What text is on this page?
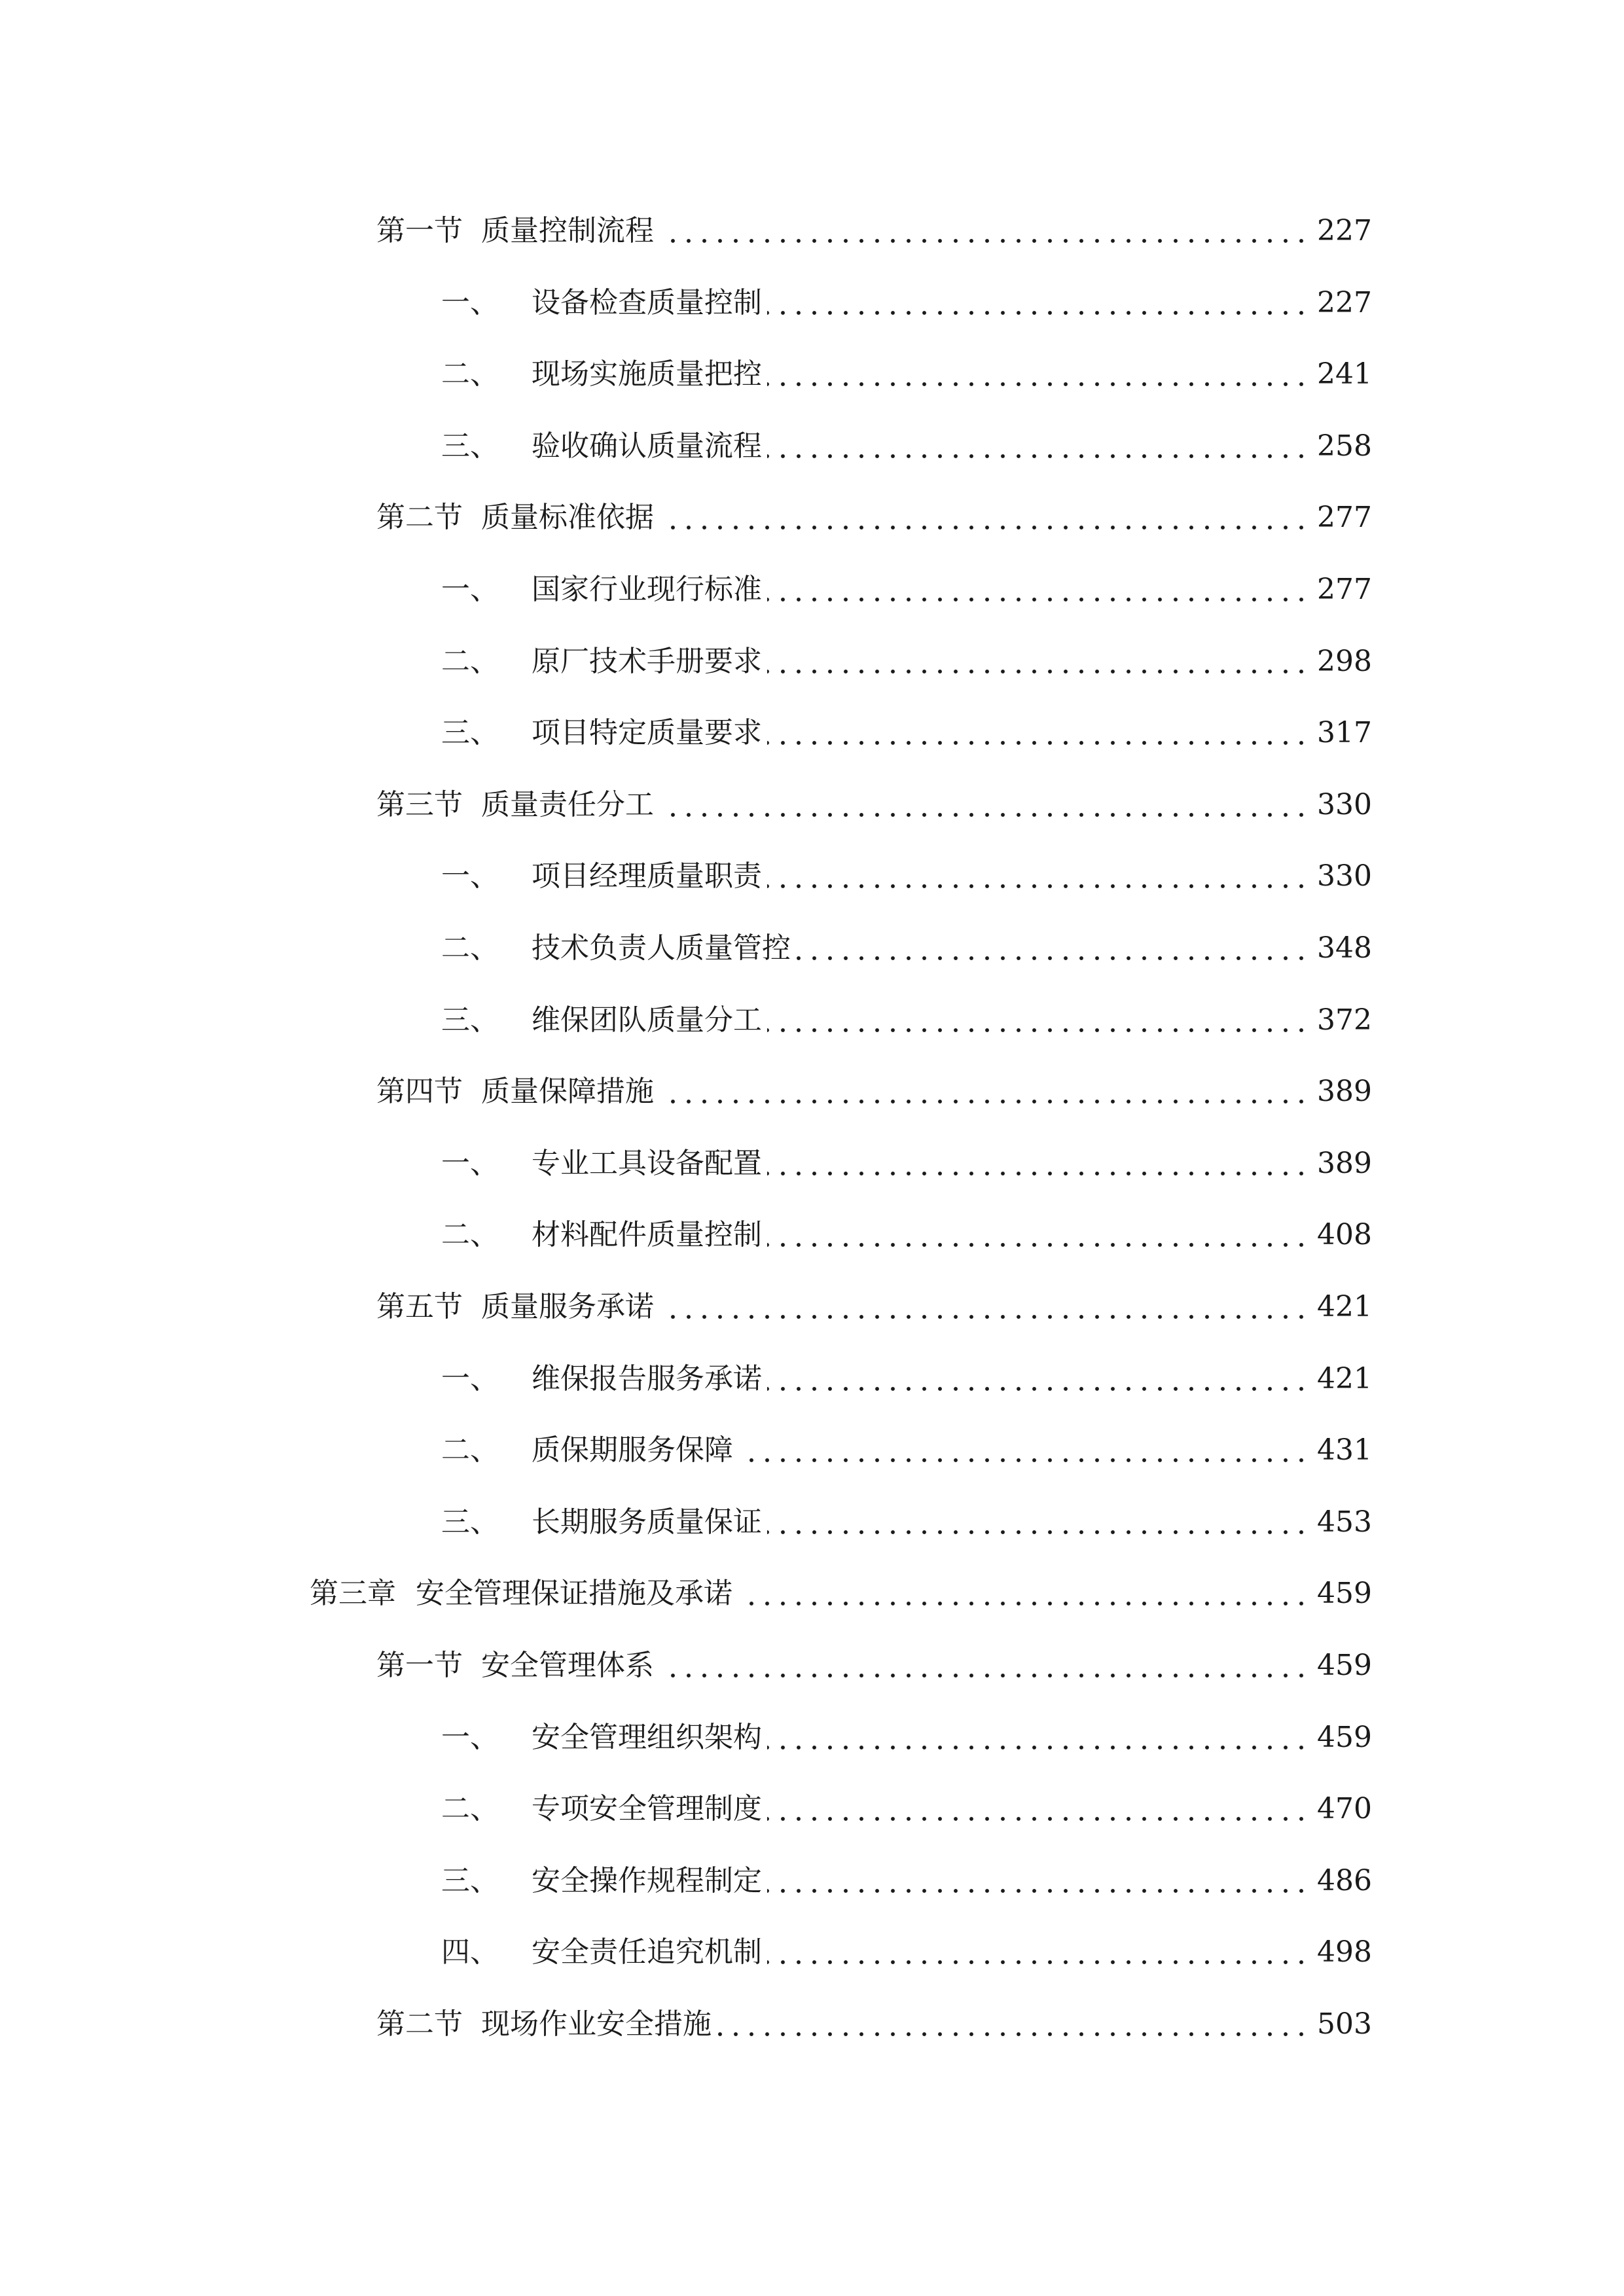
第一节 质量控制流程	227
一、 设备检查质量控制	227
二、 现场实施质量把控	241
三、 验收确认质量流程	258
第二节 质量标准依据	277
一、 国家行业现行标准	277
二、 原厂技术手册要求	298
三、 项目特定质量要求	317
第三节 质量责任分工	330
一、 项目经理质量职责	330
二、 技术负责人质量管控	348
三、 维保团队质量分工	372
第四节 质量保障措施	389
一、 专业工具设备配置	389
二、 材料配件质量控制	408
第五节 质量服务承诺	421
一、 维保报告服务承诺	421
二、 质保期服务保障	431
三、 长期服务质量保证	453
第三章 安全管理保证措施及承诺	459
第一节 安全管理体系	459
一、 安全管理组织架构	459
二、 专项安全管理制度	470
三、 安全操作规程制定	486
四、 安全责任追究机制	498
第二节 现场作业安全措施	503
